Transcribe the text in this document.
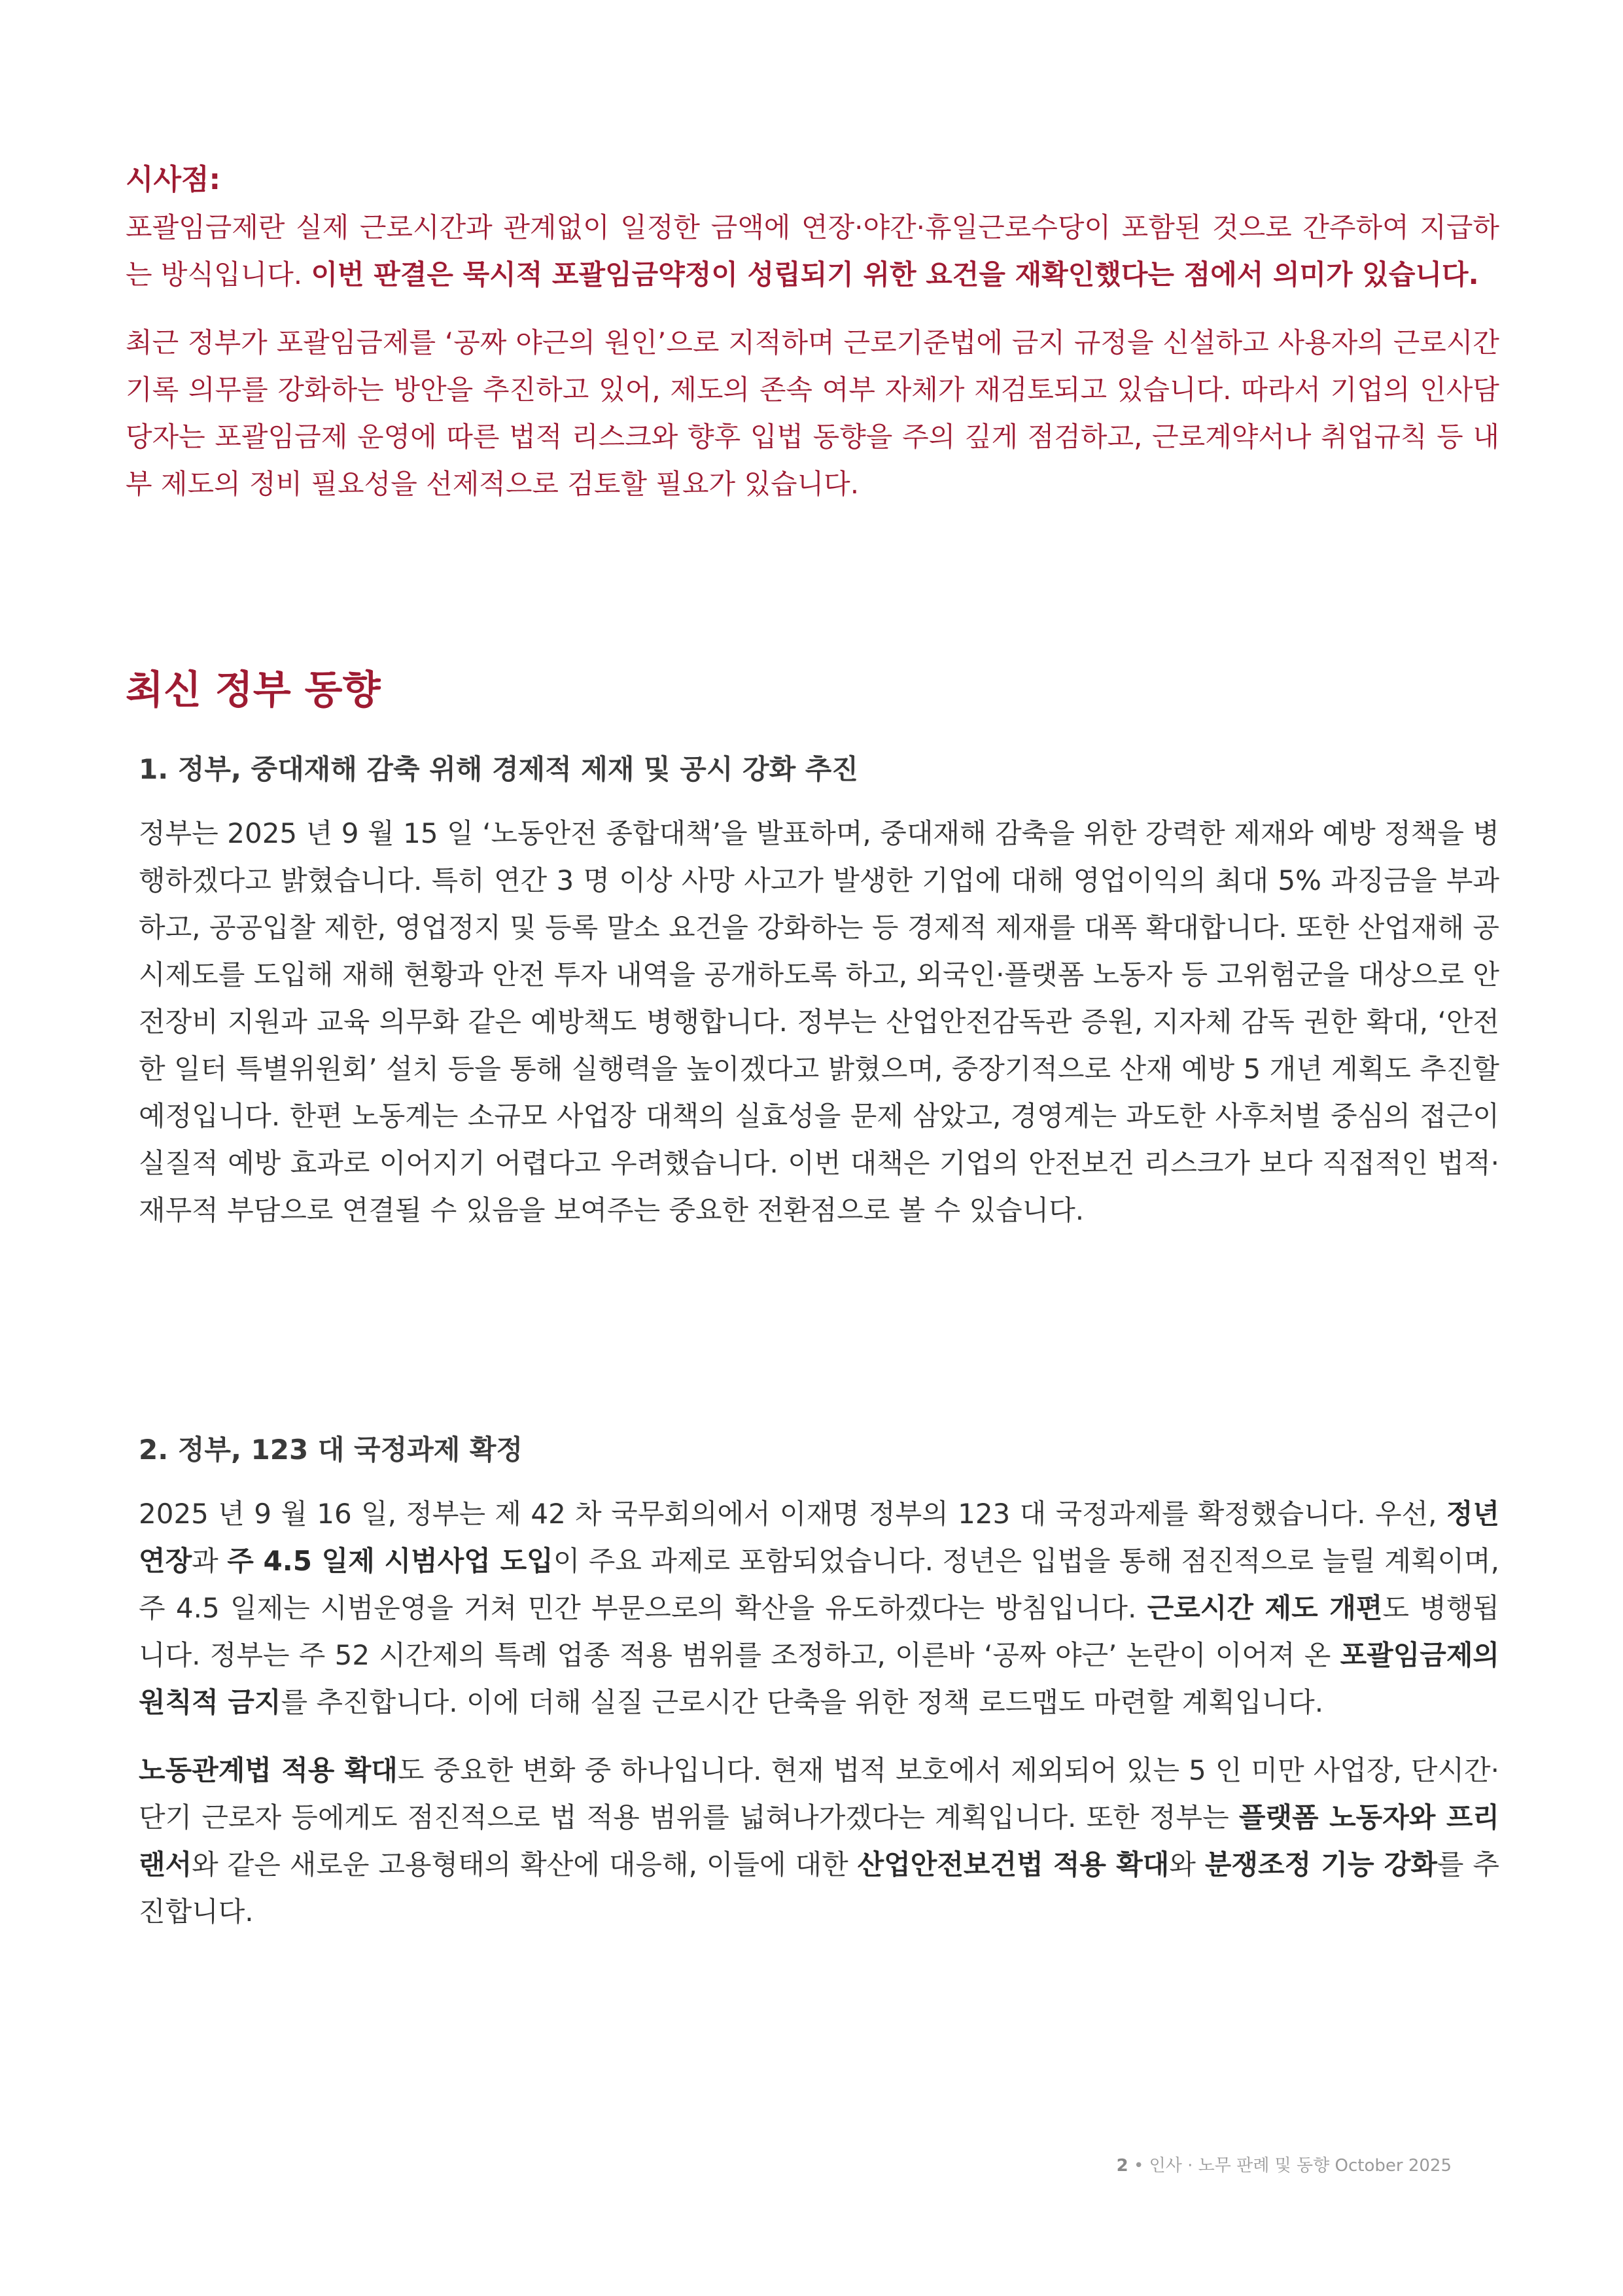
시사점:

포괄임금제란 실제 근로시간과 관계없이 일정한 금액에 연장·야간·휴일근로수당이 포함된 것으로 간주하여 지급하는 방식입니다. 이번 판결은 묵시적 포괄임금약정이 성립되기 위한 요건을 재확인했다는 점에서 의미가 있습니다.

최근 정부가 포괄임금제를 ‘공짜 야근의 원인’으로 지적하며 근로기준법에 금지 규정을 신설하고 사용자의 근로시간 기록 의무를 강화하는 방안을 추진하고 있어, 제도의 존속 여부 자체가 재검토되고 있습니다. 따라서 기업의 인사담당자는 포괄임금제 운영에 따른 법적 리스크와 향후 입법 동향을 주의 깊게 점검하고, 근로계약서나 취업규칙 등 내부 제도의 정비 필요성을 선제적으로 검토할 필요가 있습니다.

최신 정부 동향
1. 정부, 중대재해 감축 위해 경제적 제재 및 공시 강화 추진

정부는 2025 년 9 월 15 일 ‘노동안전 종합대책’을 발표하며, 중대재해 감축을 위한 강력한 제재와 예방 정책을 병행하겠다고 밝혔습니다. 특히 연간 3 명 이상 사망 사고가 발생한 기업에 대해 영업이익의 최대 5% 과징금을 부과하고, 공공입찰 제한, 영업정지 및 등록 말소 요건을 강화하는 등 경제적 제재를 대폭 확대합니다. 또한 산업재해 공시제도를 도입해 재해 현황과 안전 투자 내역을 공개하도록 하고, 외국인·플랫폼 노동자 등 고위험군을 대상으로 안전장비 지원과 교육 의무화 같은 예방책도 병행합니다. 정부는 산업안전감독관 증원, 지자체 감독 권한 확대, ‘안전한 일터 특별위원회’ 설치 등을 통해 실행력을 높이겠다고 밝혔으며, 중장기적으로 산재 예방 5 개년 계획도 추진할 예정입니다. 한편 노동계는 소규모 사업장 대책의 실효성을 문제 삼았고, 경영계는 과도한 사후처벌 중심의 접근이 실질적 예방 효과로 이어지기 어렵다고 우려했습니다. 이번 대책은 기업의 안전보건 리스크가 보다 직접적인 법적·재무적 부담으로 연결될 수 있음을 보여주는 중요한 전환점으로 볼 수 있습니다.

2. 정부, 123 대 국정과제 확정

2025 년 9 월 16 일, 정부는 제 42 차 국무회의에서 이재명 정부의 123 대 국정과제를 확정했습니다. 우선, 정년 연장과 주 4.5 일제 시범사업 도입이 주요 과제로 포함되었습니다. 정년은 입법을 통해 점진적으로 늘릴 계획이며, 주 4.5 일제는 시범운영을 거쳐 민간 부문으로의 확산을 유도하겠다는 방침입니다. 근로시간 제도 개편도 병행됩니다. 정부는 주 52 시간제의 특례 업종 적용 범위를 조정하고, 이른바 ‘공짜 야근’ 논란이 이어져 온 포괄임금제의 원칙적 금지를 추진합니다. 이에 더해 실질 근로시간 단축을 위한 정책 로드맵도 마련할 계획입니다.

노동관계법 적용 확대도 중요한 변화 중 하나입니다. 현재 법적 보호에서 제외되어 있는 5 인 미만 사업장, 단시간·단기 근로자 등에게도 점진적으로 법 적용 범위를 넓혀나가겠다는 계획입니다. 또한 정부는 플랫폼 노동자와 프리랜서와 같은 새로운 고용형태의 확산에 대응해, 이들에 대한 산업안전보건법 적용 확대와 분쟁조정 기능 강화를 추진합니다.

2 • 인사 · 노무 판례 및 동향 October 2025
